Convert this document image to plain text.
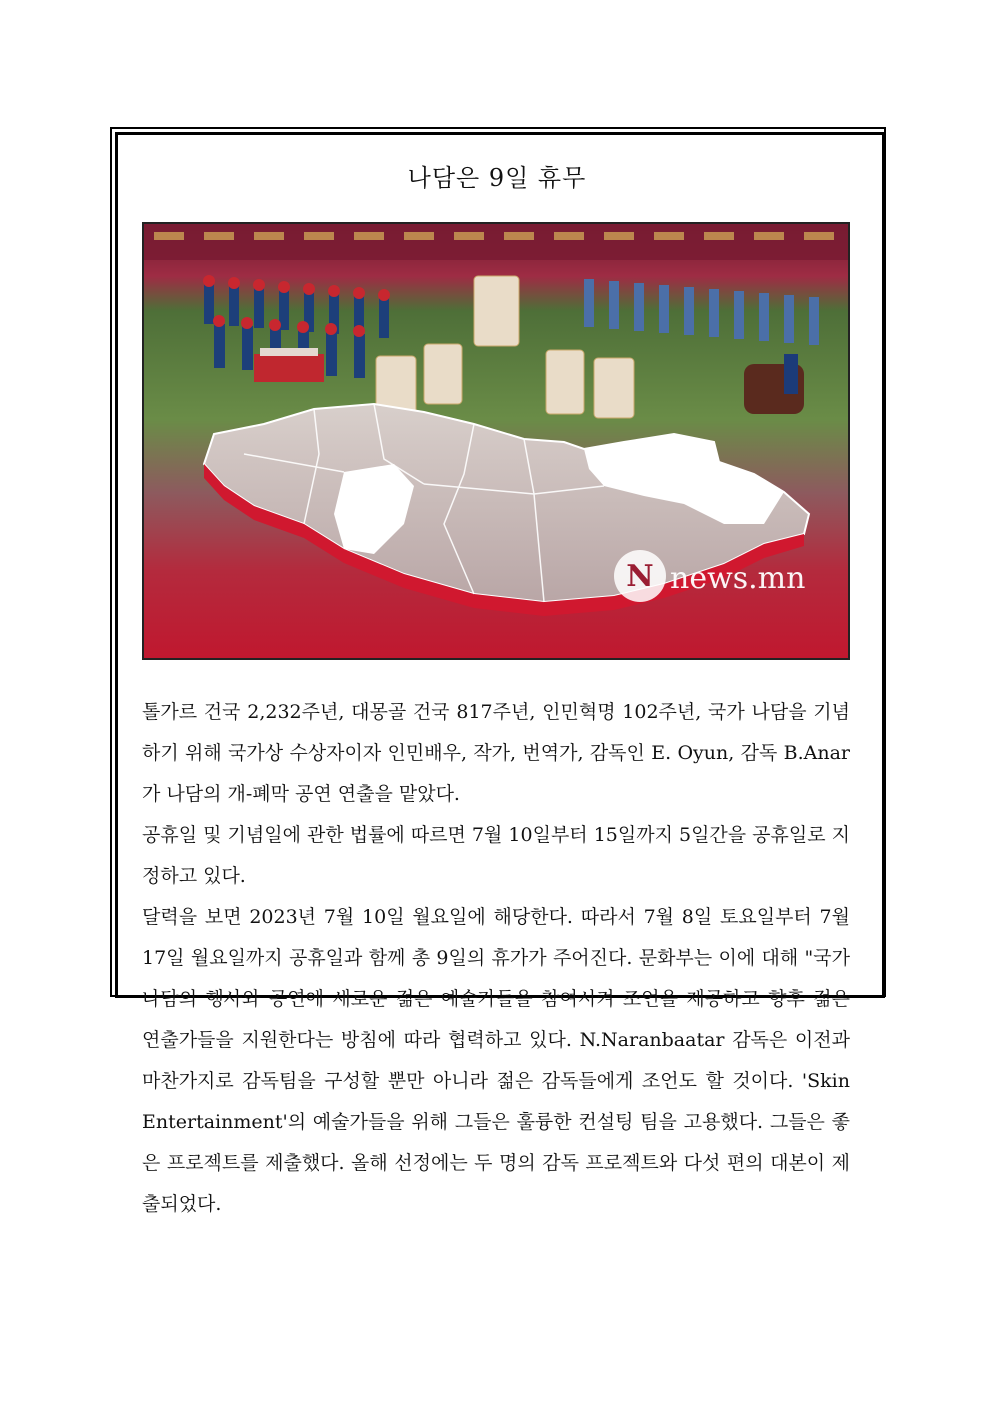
나담은 9일 휴무
N news.mn

톨가르 건국 2,232주년, 대몽골 건국 817주년, 인민혁명 102주년, 국가 나담을 기념하기 위해 국가상 수상자이자 인민배우, 작가, 번역가, 감독인 E. Oyun, 감독 B.Anar가 나담의 개-폐막 공연 연출을 맡았다.

공휴일 및 기념일에 관한 법률에 따르면 7월 10일부터 15일까지 5일간을 공휴일로 지정하고 있다.

달력을 보면 2023년 7월 10일 월요일에 해당한다. 따라서 7월 8일 토요일부터 7월 17일 월요일까지 공휴일과 함께 총 9일의 휴가가 주어진다. 문화부는 이에 대해 "국가 나담의 행사와 공연에 새로운 젊은 예술가들을 참여시켜 조언을 제공하고 향후 젊은 연출가들을 지원한다는 방침에 따라 협력하고 있다. N.Naranbaatar 감독은 이전과 마찬가지로 감독팀을 구성할 뿐만 아니라 젊은 감독들에게 조언도 할 것이다. 'Skin Entertainment'의 예술가들을 위해 그들은 훌륭한 컨설팅 팀을 고용했다. 그들은 좋은 프로젝트를 제출했다. 올해 선정에는 두 명의 감독 프로젝트와 다섯 편의 대본이 제출되었다.
